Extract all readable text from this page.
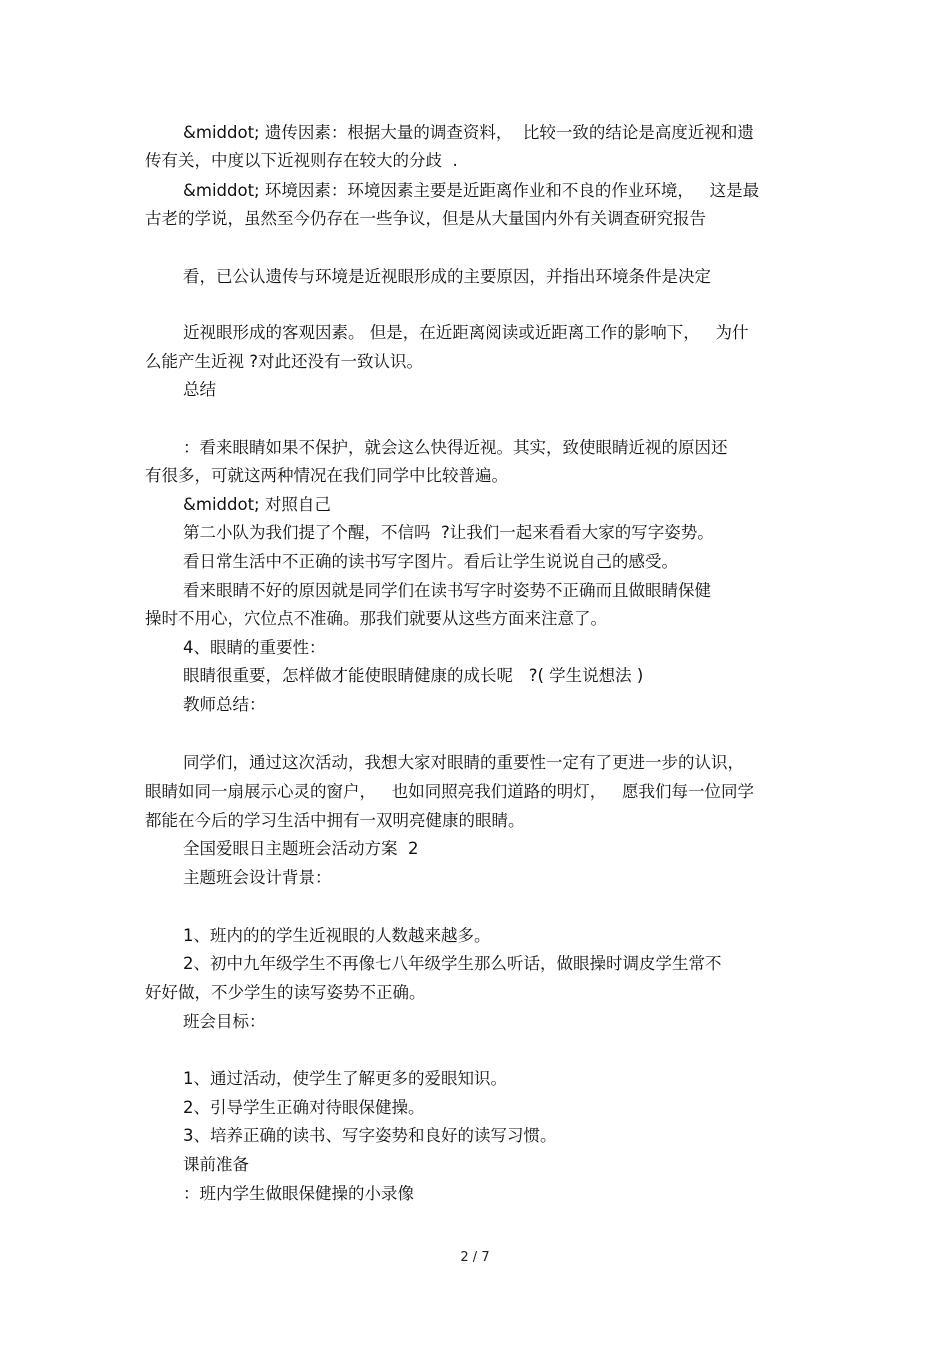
&middot; 遗传因素：根据大量的调查资料，  比较一致的结论是高度近视和遗
传有关，中度以下近视则存在较大的分歧  .
&middot; 环境因素：环境因素主要是近距离作业和不良的作业环境，   这是最
古老的学说，虽然至今仍存在一些争议，但是从大量国内外有关调查研究报告
看，已公认遗传与环境是近视眼形成的主要原因，并指出环境条件是决定
近视眼形成的客观因素。 但是，在近距离阅读或近距离工作的影响下，   为什
么能产生近视 ?对此还没有一致认识。
总结
：看来眼睛如果不保护，就会这么快得近视。其实，致使眼睛近视的原因还
有很多，可就这两种情况在我们同学中比较普遍。
&middot; 对照自己
第二小队为我们提了个醒，不信吗  ?让我们一起来看看大家的写字姿势。
看日常生活中不正确的读书写字图片。看后让学生说说自己的感受。
看来眼睛不好的原因就是同学们在读书写字时姿势不正确而且做眼睛保健
操时不用心，穴位点不准确。那我们就要从这些方面来注意了。
4、眼睛的重要性：
眼睛很重要，怎样做才能使眼睛健康的成长呢   ?( 学生说想法 )
教师总结：
同学们，通过这次活动，我想大家对眼睛的重要性一定有了更进一步的认识，
眼睛如同一扇展示心灵的窗户，   也如同照亮我们道路的明灯，   愿我们每一位同学
都能在今后的学习生活中拥有一双明亮健康的眼睛。
全国爱眼日主题班会活动方案  2
主题班会设计背景：
1、班内的的学生近视眼的人数越来越多。
2、初中九年级学生不再像七八年级学生那么听话，做眼操时调皮学生常不
好好做，不少学生的读写姿势不正确。
班会目标：
1、通过活动，使学生了解更多的爱眼知识。
2、引导学生正确对待眼保健操。
3、培养正确的读书、写字姿势和良好的读写习惯。
课前准备
：班内学生做眼保健操的小录像
2 / 7
